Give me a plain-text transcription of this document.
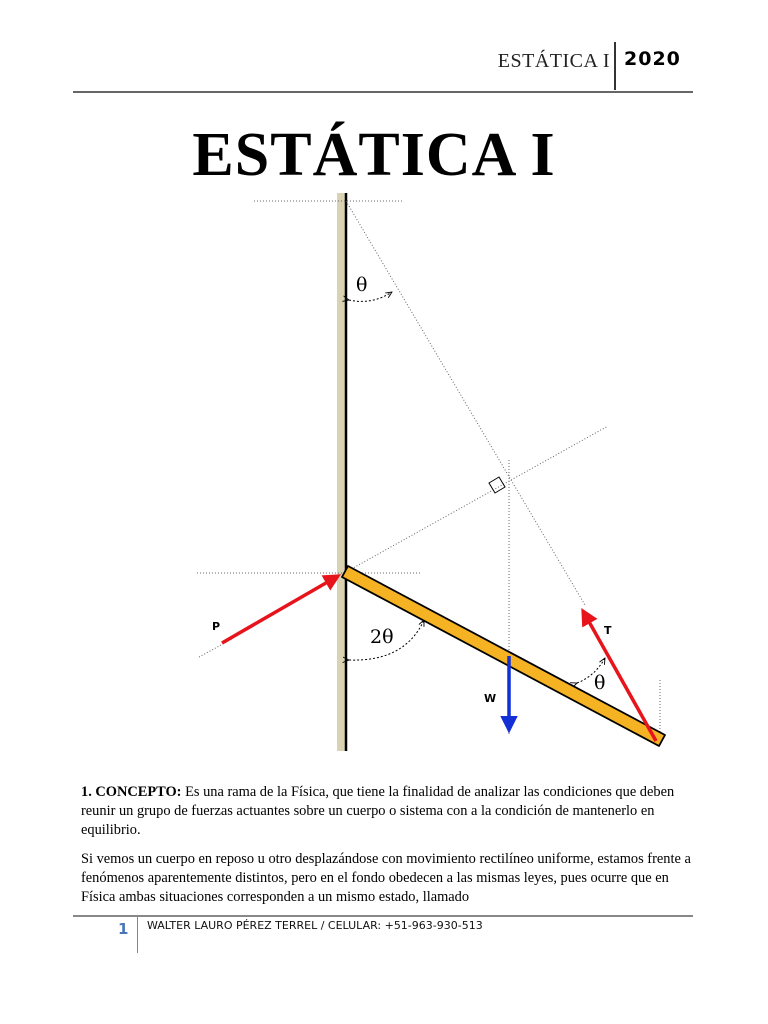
ESTÁTICA I 2020
ESTÁTICA I
θ
2θ
θ
P	T
W

1. CONCEPTO: Es una rama de la Física, que tiene la finalidad de analizar las condiciones que deben reunir un grupo de fuerzas actuantes sobre un cuerpo o sistema con a la condición de mantenerlo en equilibrio.

Si vemos un cuerpo en reposo u otro desplazándose con movimiento rectilíneo uniforme, estamos frente a fenómenos aparentemente distintos, pero en el fondo obedecen a las mismas leyes, pues ocurre que en Física ambas situaciones corresponden a un mismo estado, llamado

1 WALTER LAURO PÉREZ TERREL / CELULAR: +51-963-930-513
